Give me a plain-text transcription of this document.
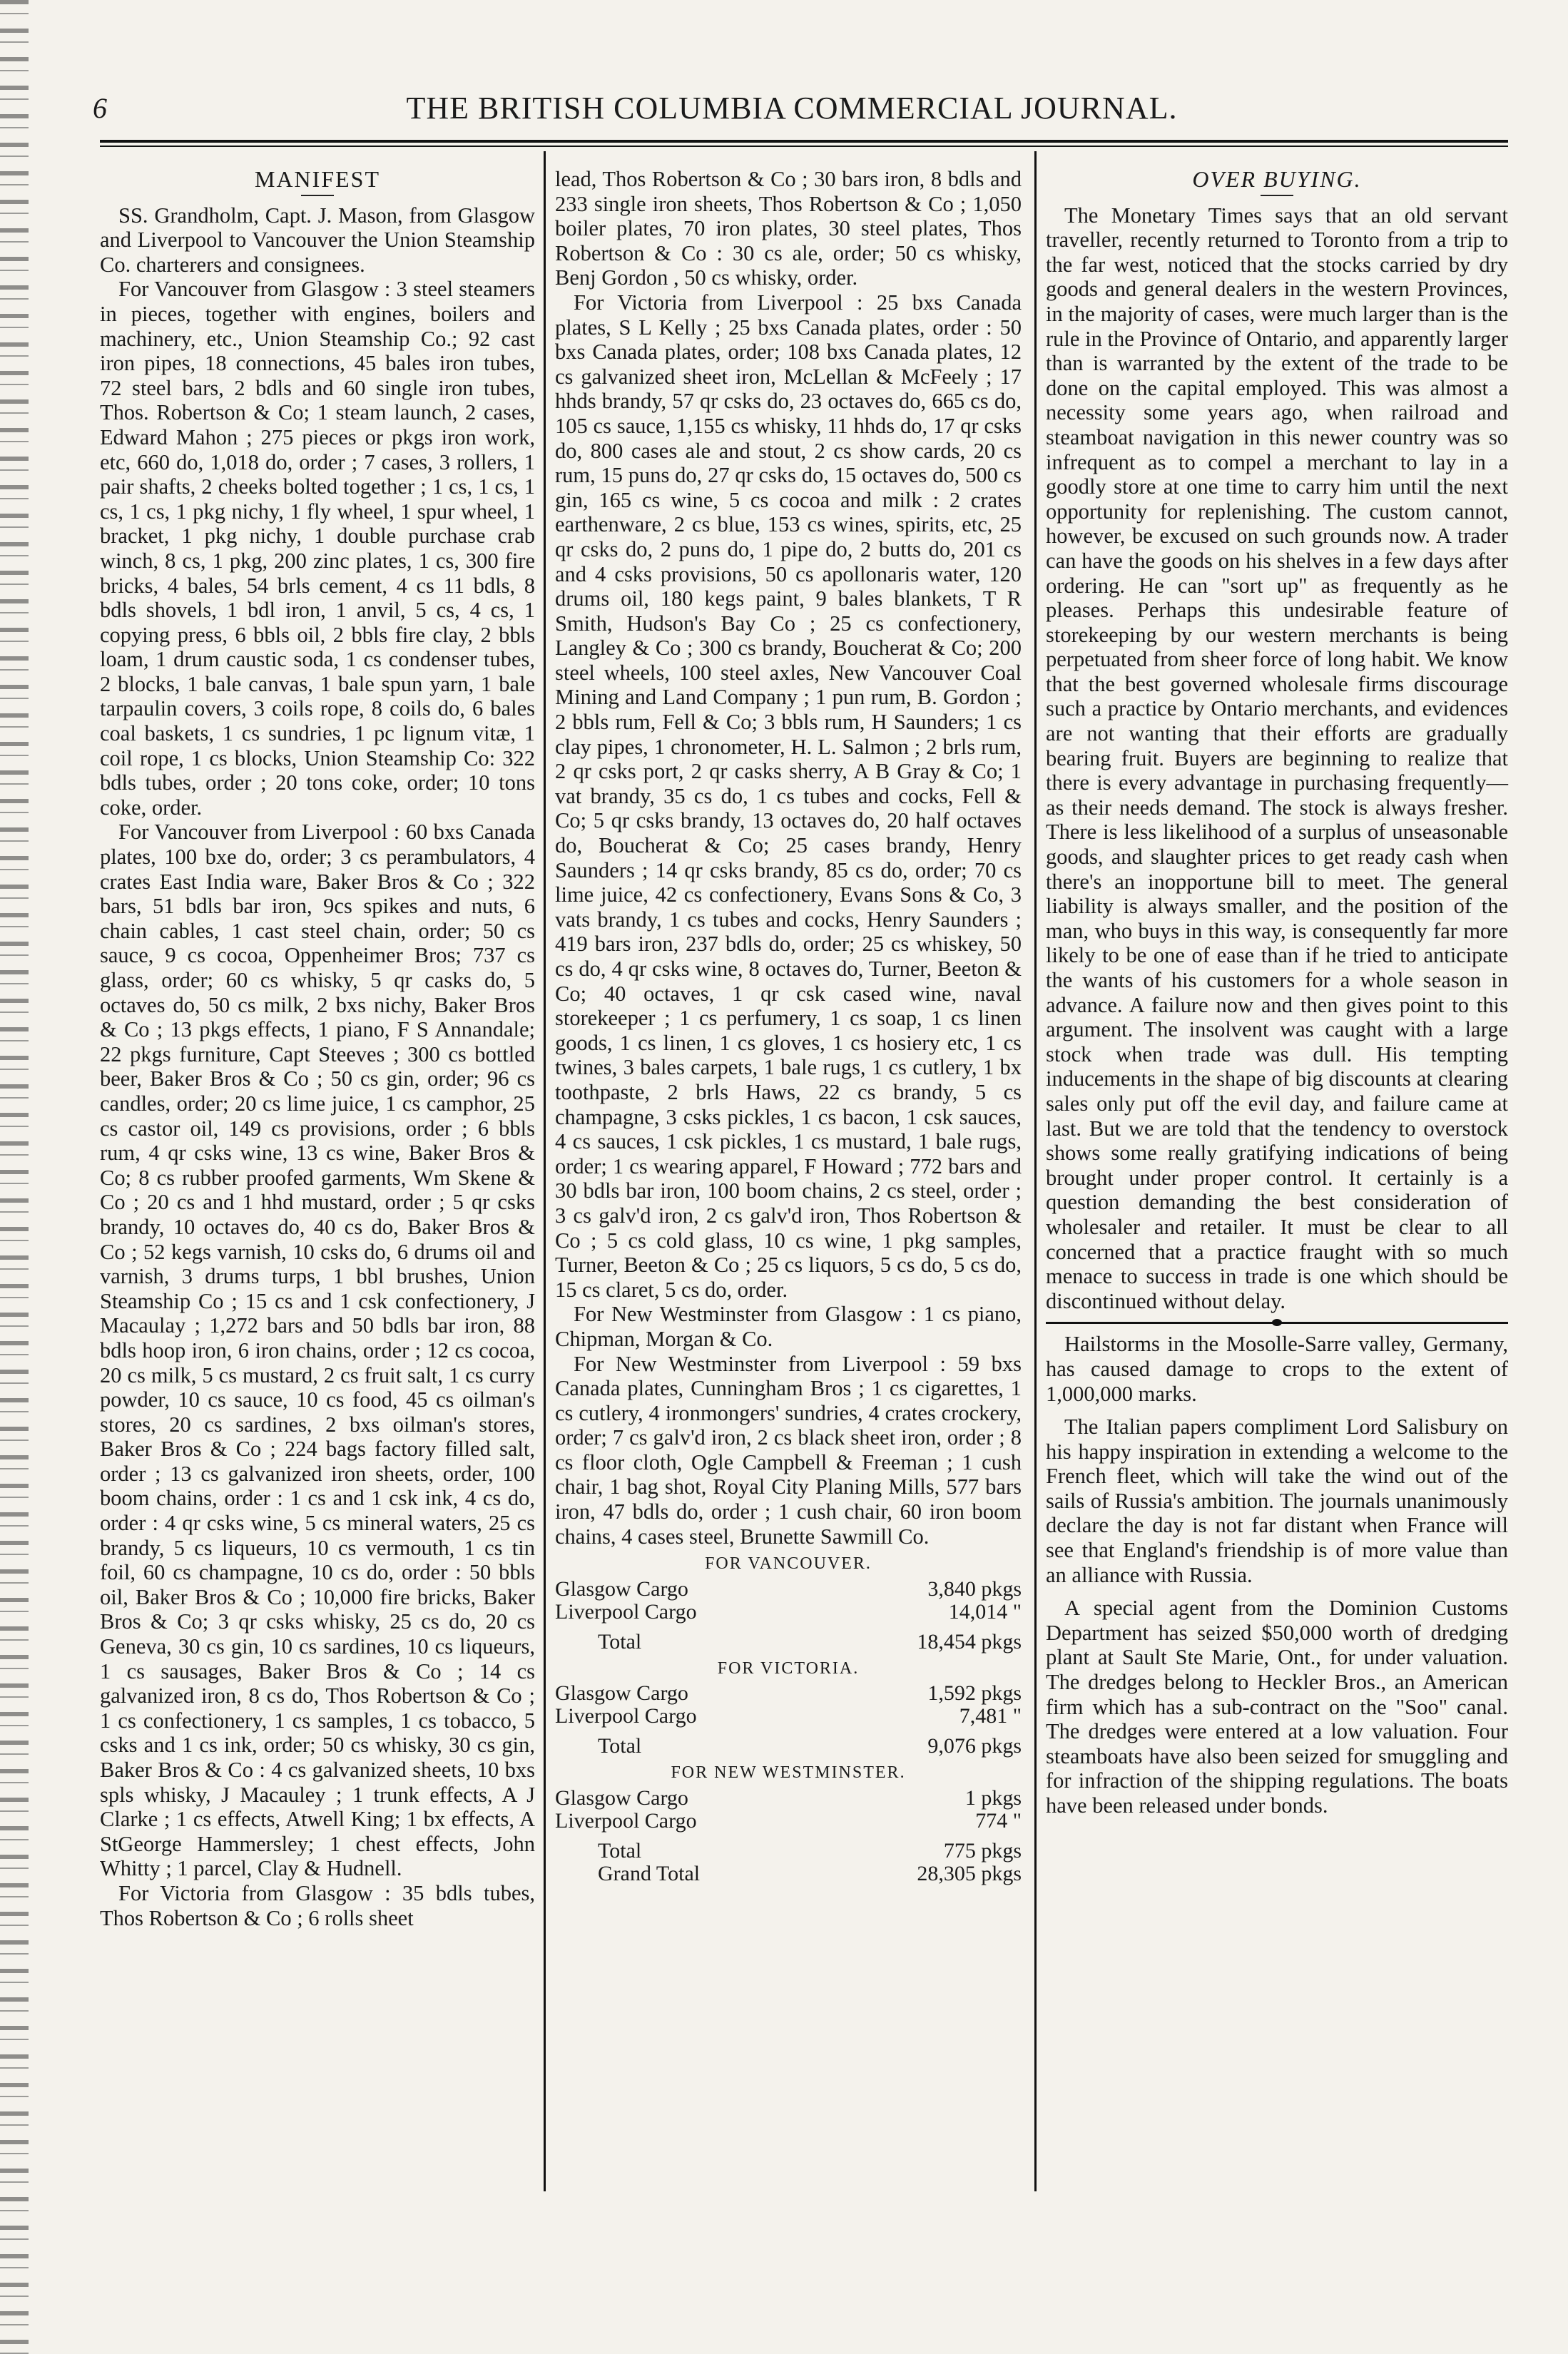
6	THE BRITISH COLUMBIA COMMERCIAL JOURNAL.
MANIFEST

SS. Grandholm, Capt. J. Mason, from Glasgow and Liverpool to Vancouver the Union Steamship Co. charterers and consignees.

For Vancouver from Glasgow : 3 steel steamers in pieces, together with engines, boilers and machinery, etc., Union Steamship Co.; 92 cast iron pipes, 18 connections, 45 bales iron tubes, 72 steel bars, 2 bdls and 60 single iron tubes, Thos. Robertson & Co; 1 steam launch, 2 cases, Edward Mahon ; 275 pieces or pkgs iron work, etc, 660 do, 1,018 do, order ; 7 cases, 3 rollers, 1 pair shafts, 2 cheeks bolted together ; 1 cs, 1 cs, 1 cs, 1 cs, 1 pkg nichy, 1 fly wheel, 1 spur wheel, 1 bracket, 1 pkg nichy, 1 double purchase crab winch, 8 cs, 1 pkg, 200 zinc plates, 1 cs, 300 fire bricks, 4 bales, 54 brls cement, 4 cs 11 bdls, 8 bdls shovels, 1 bdl iron, 1 anvil, 5 cs, 4 cs, 1 copying press, 6 bbls oil, 2 bbls fire clay, 2 bbls loam, 1 drum caustic soda, 1 cs condenser tubes, 2 blocks, 1 bale canvas, 1 bale spun yarn, 1 bale tarpaulin covers, 3 coils rope, 8 coils do, 6 bales coal baskets, 1 cs sundries, 1 pc lignum vitæ, 1 coil rope, 1 cs blocks, Union Steamship Co: 322 bdls tubes, order ; 20 tons coke, order; 10 tons coke, order.

For Vancouver from Liverpool : 60 bxs Canada plates, 100 bxe do, order; 3 cs perambulators, 4 crates East India ware, Baker Bros & Co ; 322 bars, 51 bdls bar iron, 9cs spikes and nuts, 6 chain cables, 1 cast steel chain, order; 50 cs sauce, 9 cs cocoa, Oppenheimer Bros; 737 cs glass, order; 60 cs whisky, 5 qr casks do, 5 octaves do, 50 cs milk, 2 bxs nichy, Baker Bros & Co ; 13 pkgs effects, 1 piano, F S Annandale; 22 pkgs furniture, Capt Steeves ; 300 cs bottled beer, Baker Bros & Co ; 50 cs gin, order; 96 cs candles, order; 20 cs lime juice, 1 cs camphor, 25 cs castor oil, 149 cs provisions, order ; 6 bbls rum, 4 qr csks wine, 13 cs wine, Baker Bros & Co; 8 cs rubber proofed garments, Wm Skene & Co ; 20 cs and 1 hhd mustard, order ; 5 qr csks brandy, 10 octaves do, 40 cs do, Baker Bros & Co ; 52 kegs varnish, 10 csks do, 6 drums oil and varnish, 3 drums turps, 1 bbl brushes, Union Steamship Co ; 15 cs and 1 csk confectionery, J Macaulay ; 1,272 bars and 50 bdls bar iron, 88 bdls hoop iron, 6 iron chains, order ; 12 cs cocoa, 20 cs milk, 5 cs mustard, 2 cs fruit salt, 1 cs curry powder, 10 cs sauce, 10 cs food, 45 cs oilman's stores, 20 cs sardines, 2 bxs oilman's stores, Baker Bros & Co ; 224 bags factory filled salt, order ; 13 cs galvanized iron sheets, order, 100 boom chains, order : 1 cs and 1 csk ink, 4 cs do, order : 4 qr csks wine, 5 cs mineral waters, 25 cs brandy, 5 cs liqueurs, 10 cs vermouth, 1 cs tin foil, 60 cs champagne, 10 cs do, order : 50 bbls oil, Baker Bros & Co ; 10,000 fire bricks, Baker Bros & Co; 3 qr csks whisky, 25 cs do, 20 cs Geneva, 30 cs gin, 10 cs sardines, 10 cs liqueurs, 1 cs sausages, Baker Bros & Co ; 14 cs galvanized iron, 8 cs do, Thos Robertson & Co ; 1 cs confectionery, 1 cs samples, 1 cs tobacco, 5 csks and 1 cs ink, order; 50 cs whisky, 30 cs gin, Baker Bros & Co : 4 cs galvanized sheets, 10 bxs spls whisky, J Macauley ; 1 trunk effects, A J Clarke ; 1 cs effects, Atwell King; 1 bx effects, A StGeorge Hammersley; 1 chest effects, John Whitty ; 1 parcel, Clay & Hudnell.

For Victoria from Glasgow : 35 bdls tubes, Thos Robertson & Co ; 6 rolls sheet

lead, Thos Robertson & Co ; 30 bars iron, 8 bdls and 233 single iron sheets, Thos Robertson & Co ; 1,050 boiler plates, 70 iron plates, 30 steel plates, Thos Robertson & Co : 30 cs ale, order; 50 cs whisky, Benj Gordon , 50 cs whisky, order.

For Victoria from Liverpool : 25 bxs Canada plates, S L Kelly ; 25 bxs Canada plates, order : 50 bxs Canada plates, order; 108 bxs Canada plates, 12 cs galvanized sheet iron, McLellan & McFeely ; 17 hhds brandy, 57 qr csks do, 23 octaves do, 665 cs do, 105 cs sauce, 1,155 cs whisky, 11 hhds do, 17 qr csks do, 800 cases ale and stout, 2 cs show cards, 20 cs rum, 15 puns do, 27 qr csks do, 15 octaves do, 500 cs gin, 165 cs wine, 5 cs cocoa and milk : 2 crates earthenware, 2 cs blue, 153 cs wines, spirits, etc, 25 qr csks do, 2 puns do, 1 pipe do, 2 butts do, 201 cs and 4 csks provisions, 50 cs apollonaris water, 120 drums oil, 180 kegs paint, 9 bales blankets, T R Smith, Hudson's Bay Co ; 25 cs confectionery, Langley & Co ; 300 cs brandy, Boucherat & Co; 200 steel wheels, 100 steel axles, New Vancouver Coal Mining and Land Company ; 1 pun rum, B. Gordon ; 2 bbls rum, Fell & Co; 3 bbls rum, H Saunders; 1 cs clay pipes, 1 chronometer, H. L. Salmon ; 2 brls rum, 2 qr csks port, 2 qr casks sherry, A B Gray & Co; 1 vat brandy, 35 cs do, 1 cs tubes and cocks, Fell & Co; 5 qr csks brandy, 13 octaves do, 20 half octaves do, Boucherat & Co; 25 cases brandy, Henry Saunders ; 14 qr csks brandy, 85 cs do, order; 70 cs lime juice, 42 cs confectionery, Evans Sons & Co, 3 vats brandy, 1 cs tubes and cocks, Henry Saunders ; 419 bars iron, 237 bdls do, order; 25 cs whiskey, 50 cs do, 4 qr csks wine, 8 octaves do, Turner, Beeton & Co; 40 octaves, 1 qr csk cased wine, naval storekeeper ; 1 cs perfumery, 1 cs soap, 1 cs linen goods, 1 cs linen, 1 cs gloves, 1 cs hosiery etc, 1 cs twines, 3 bales carpets, 1 bale rugs, 1 cs cutlery, 1 bx toothpaste, 2 brls Haws, 22 cs brandy, 5 cs champagne, 3 csks pickles, 1 cs bacon, 1 csk sauces, 4 cs sauces, 1 csk pickles, 1 cs mustard, 1 bale rugs, order; 1 cs wearing apparel, F Howard ; 772 bars and 30 bdls bar iron, 100 boom chains, 2 cs steel, order ; 3 cs galv'd iron, 2 cs galv'd iron, Thos Robertson & Co ; 5 cs cold glass, 10 cs wine, 1 pkg samples, Turner, Beeton & Co ; 25 cs liquors, 5 cs do, 5 cs do, 15 cs claret, 5 cs do, order.

For New Westminster from Glasgow : 1 cs piano, Chipman, Morgan & Co.

For New Westminster from Liverpool : 59 bxs Canada plates, Cunningham Bros ; 1 cs cigarettes, 1 cs cutlery, 4 ironmongers' sundries, 4 crates crockery, order; 7 cs galv'd iron, 2 cs black sheet iron, order ; 8 cs floor cloth, Ogle Campbell & Freeman ; 1 cush chair, 1 bag shot, Royal City Planing Mills, 577 bars iron, 47 bdls do, order ; 1 cush chair, 60 iron boom chains, 4 cases steel, Brunette Sawmill Co.

FOR VANCOUVER.
Glasgow Cargo	3,840 pkgs
Liverpool Cargo	14,014 "
Total	18,454 pkgs
FOR VICTORIA.
Glasgow Cargo	1,592 pkgs
Liverpool Cargo	7,481 "
Total	9,076 pkgs
FOR NEW WESTMINSTER.
Glasgow Cargo	1 pkgs
Liverpool Cargo	774 "
Total	775 pkgs
Grand Total	28,305 pkgs
OVER BUYING.

The Monetary Times says that an old servant traveller, recently returned to Toronto from a trip to the far west, noticed that the stocks carried by dry goods and general dealers in the western Provinces, in the majority of cases, were much larger than is the rule in the Province of Ontario, and apparently larger than is warranted by the extent of the trade to be done on the capital employed. This was almost a necessity some years ago, when railroad and steamboat navigation in this newer country was so infrequent as to compel a merchant to lay in a goodly store at one time to carry him until the next opportunity for replenishing. The custom cannot, however, be excused on such grounds now. A trader can have the goods on his shelves in a few days after ordering. He can "sort up" as frequently as he pleases. Perhaps this undesirable feature of storekeeping by our western merchants is being perpetuated from sheer force of long habit. We know that the best governed wholesale firms discourage such a practice by Ontario merchants, and evidences are not wanting that their efforts are gradually bearing fruit. Buyers are beginning to realize that there is every advantage in purchasing frequently—as their needs demand. The stock is always fresher. There is less likelihood of a surplus of unseasonable goods, and slaughter prices to get ready cash when there's an inopportune bill to meet. The general liability is always smaller, and the position of the man, who buys in this way, is consequently far more likely to be one of ease than if he tried to anticipate the wants of his customers for a whole season in advance. A failure now and then gives point to this argument. The insolvent was caught with a large stock when trade was dull. His tempting inducements in the shape of big discounts at clearing sales only put off the evil day, and failure came at last. But we are told that the tendency to overstock shows some really gratifying indications of being brought under proper control. It certainly is a question demanding the best consideration of wholesaler and retailer. It must be clear to all concerned that a practice fraught with so much menace to success in trade is one which should be discontinued without delay.

Hailstorms in the Mosolle-Sarre valley, Germany, has caused damage to crops to the extent of 1,000,000 marks.

The Italian papers compliment Lord Salisbury on his happy inspiration in extending a welcome to the French fleet, which will take the wind out of the sails of Russia's ambition. The journals unanimously declare the day is not far distant when France will see that England's friendship is of more value than an alliance with Russia.

A special agent from the Dominion Customs Department has seized $50,000 worth of dredging plant at Sault Ste Marie, Ont., for under valuation. The dredges belong to Heckler Bros., an American firm which has a sub-contract on the "Soo" canal. The dredges were entered at a low valuation. Four steamboats have also been seized for smuggling and for infraction of the shipping regulations. The boats have been released under bonds.
